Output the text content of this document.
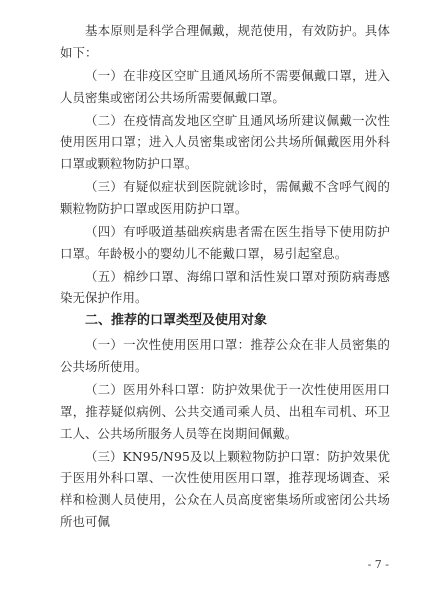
基本原则是科学合理佩戴，规范使用，有效防护。具体如下：

（一）在非疫区空旷且通风场所不需要佩戴口罩，进入人员密集或密闭公共场所需要佩戴口罩。

（二）在疫情高发地区空旷且通风场所建议佩戴一次性使用医用口罩；进入人员密集或密闭公共场所佩戴医用外科口罩或颗粒物防护口罩。

（三）有疑似症状到医院就诊时，需佩戴不含呼气阀的颗粒物防护口罩或医用防护口罩。

（四）有呼吸道基础疾病患者需在医生指导下使用防护口罩。年龄极小的婴幼儿不能戴口罩，易引起窒息。

（五）棉纱口罩、海绵口罩和活性炭口罩对预防病毒感染无保护作用。

二、推荐的口罩类型及使用对象

（一）一次性使用医用口罩：推荐公众在非人员密集的公共场所使用。

（二）医用外科口罩：防护效果优于一次性使用医用口罩，推荐疑似病例、公共交通司乘人员、出租车司机、环卫工人、公共场所服务人员等在岗期间佩戴。

（三）KN95/N95及以上颗粒物防护口罩：防护效果优于医用外科口罩、一次性使用医用口罩，推荐现场调查、采样和检测人员使用，公众在人员高度密集场所或密闭公共场所也可佩

- 7 -
